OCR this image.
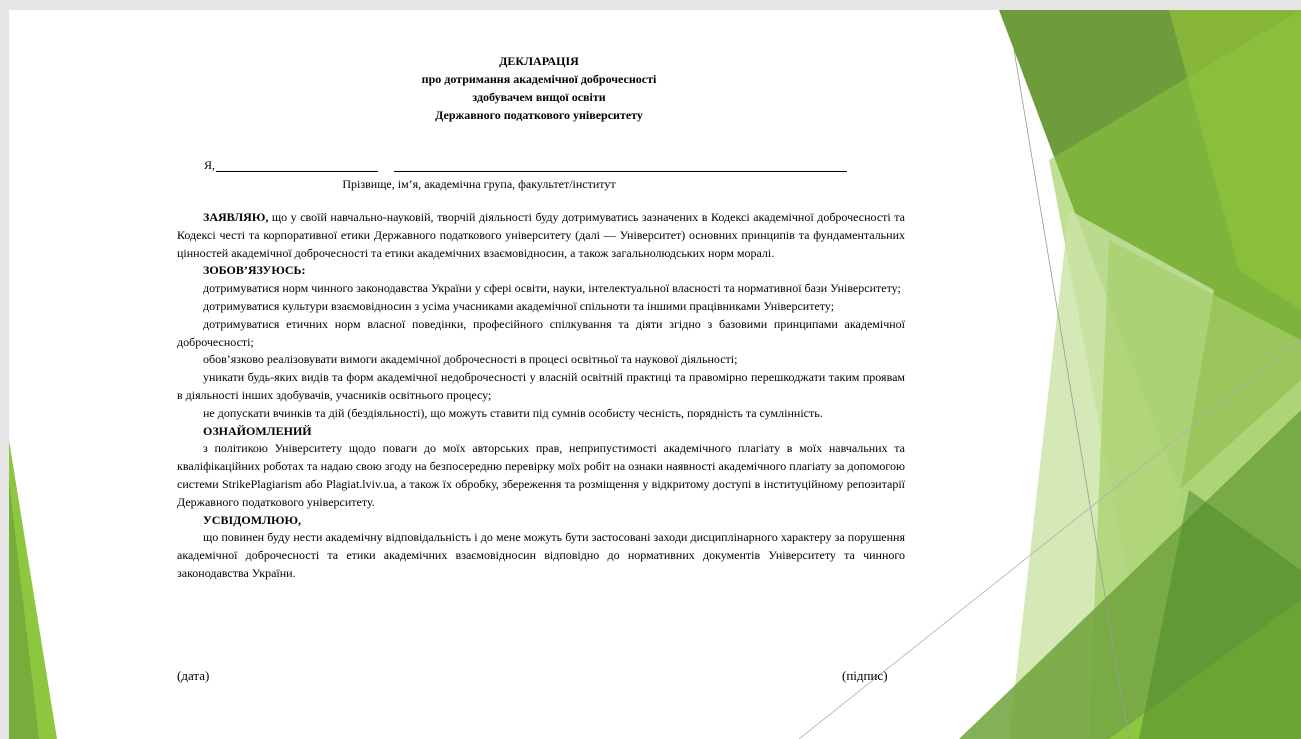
ДЕКЛАРАЦІЯ
про дотримання академічної доброчесності
здобувачем вищої освіти
Державного податкового університету
Я,
Прізвище, ім’я, академічна група, факультет/інститут

ЗАЯВЛЯЮ, що у своїй навчально-науковій, творчій діяльності буду дотримуватись зазначених в Кодексі академічної доброчесності та Кодексі честі та корпоративної етики Державного податкового університету (далі — Університет) основних принципів та фундаментальних цінностей академічної доброчесності та етики академічних взаємовідносин, а також загальнолюдських норм моралі.

ЗОБОВ’ЯЗУЮСЬ:

дотримуватися норм чинного законодавства України у сфері освіти, науки, інтелектуальної власності та нормативної бази Університету;

дотримуватися культури взаємовідносин з усіма учасниками академічної спільноти та іншими працівниками Університету;

дотримуватися етичних норм власної поведінки, професійного спілкування та діяти згідно з базовими принципами академічної доброчесності;

обов’язково реалізовувати вимоги академічної доброчесності в процесі освітньої та наукової діяльності;

уникати будь-яких видів та форм академічної недоброчесності у власній освітній практиці та правомірно перешкоджати таким проявам в діяльності інших здобувачів, учасників освітнього процесу;

не допускати вчинків та дій (бездіяльності), що можуть ставити під сумнів особисту чесність, порядність та сумлінність.

ОЗНАЙОМЛЕНИЙ

з політикою Університету щодо поваги до моїх авторських прав, неприпустимості академічного плагіату в моїх навчальних та кваліфікаційних роботах та надаю свою згоду на безпосередню перевірку моїх робіт на ознаки наявності академічного плагіату за допомогою системи StrikePlagiarism або Plagiat.lviv.ua, а також їх обробку, збереження та розміщення у відкритому доступі в інституційному репозитарії Державного податкового університету.

УСВІДОМЛЮЮ,

що повинен буду нести академічну відповідальність і до мене можуть бути застосовані заходи дисциплінарного характеру за порушення академічної доброчесності та етики академічних взаємовідносин відповідно до нормативних документів Університету та чинного законодавства України.

(дата)	(підпис)
